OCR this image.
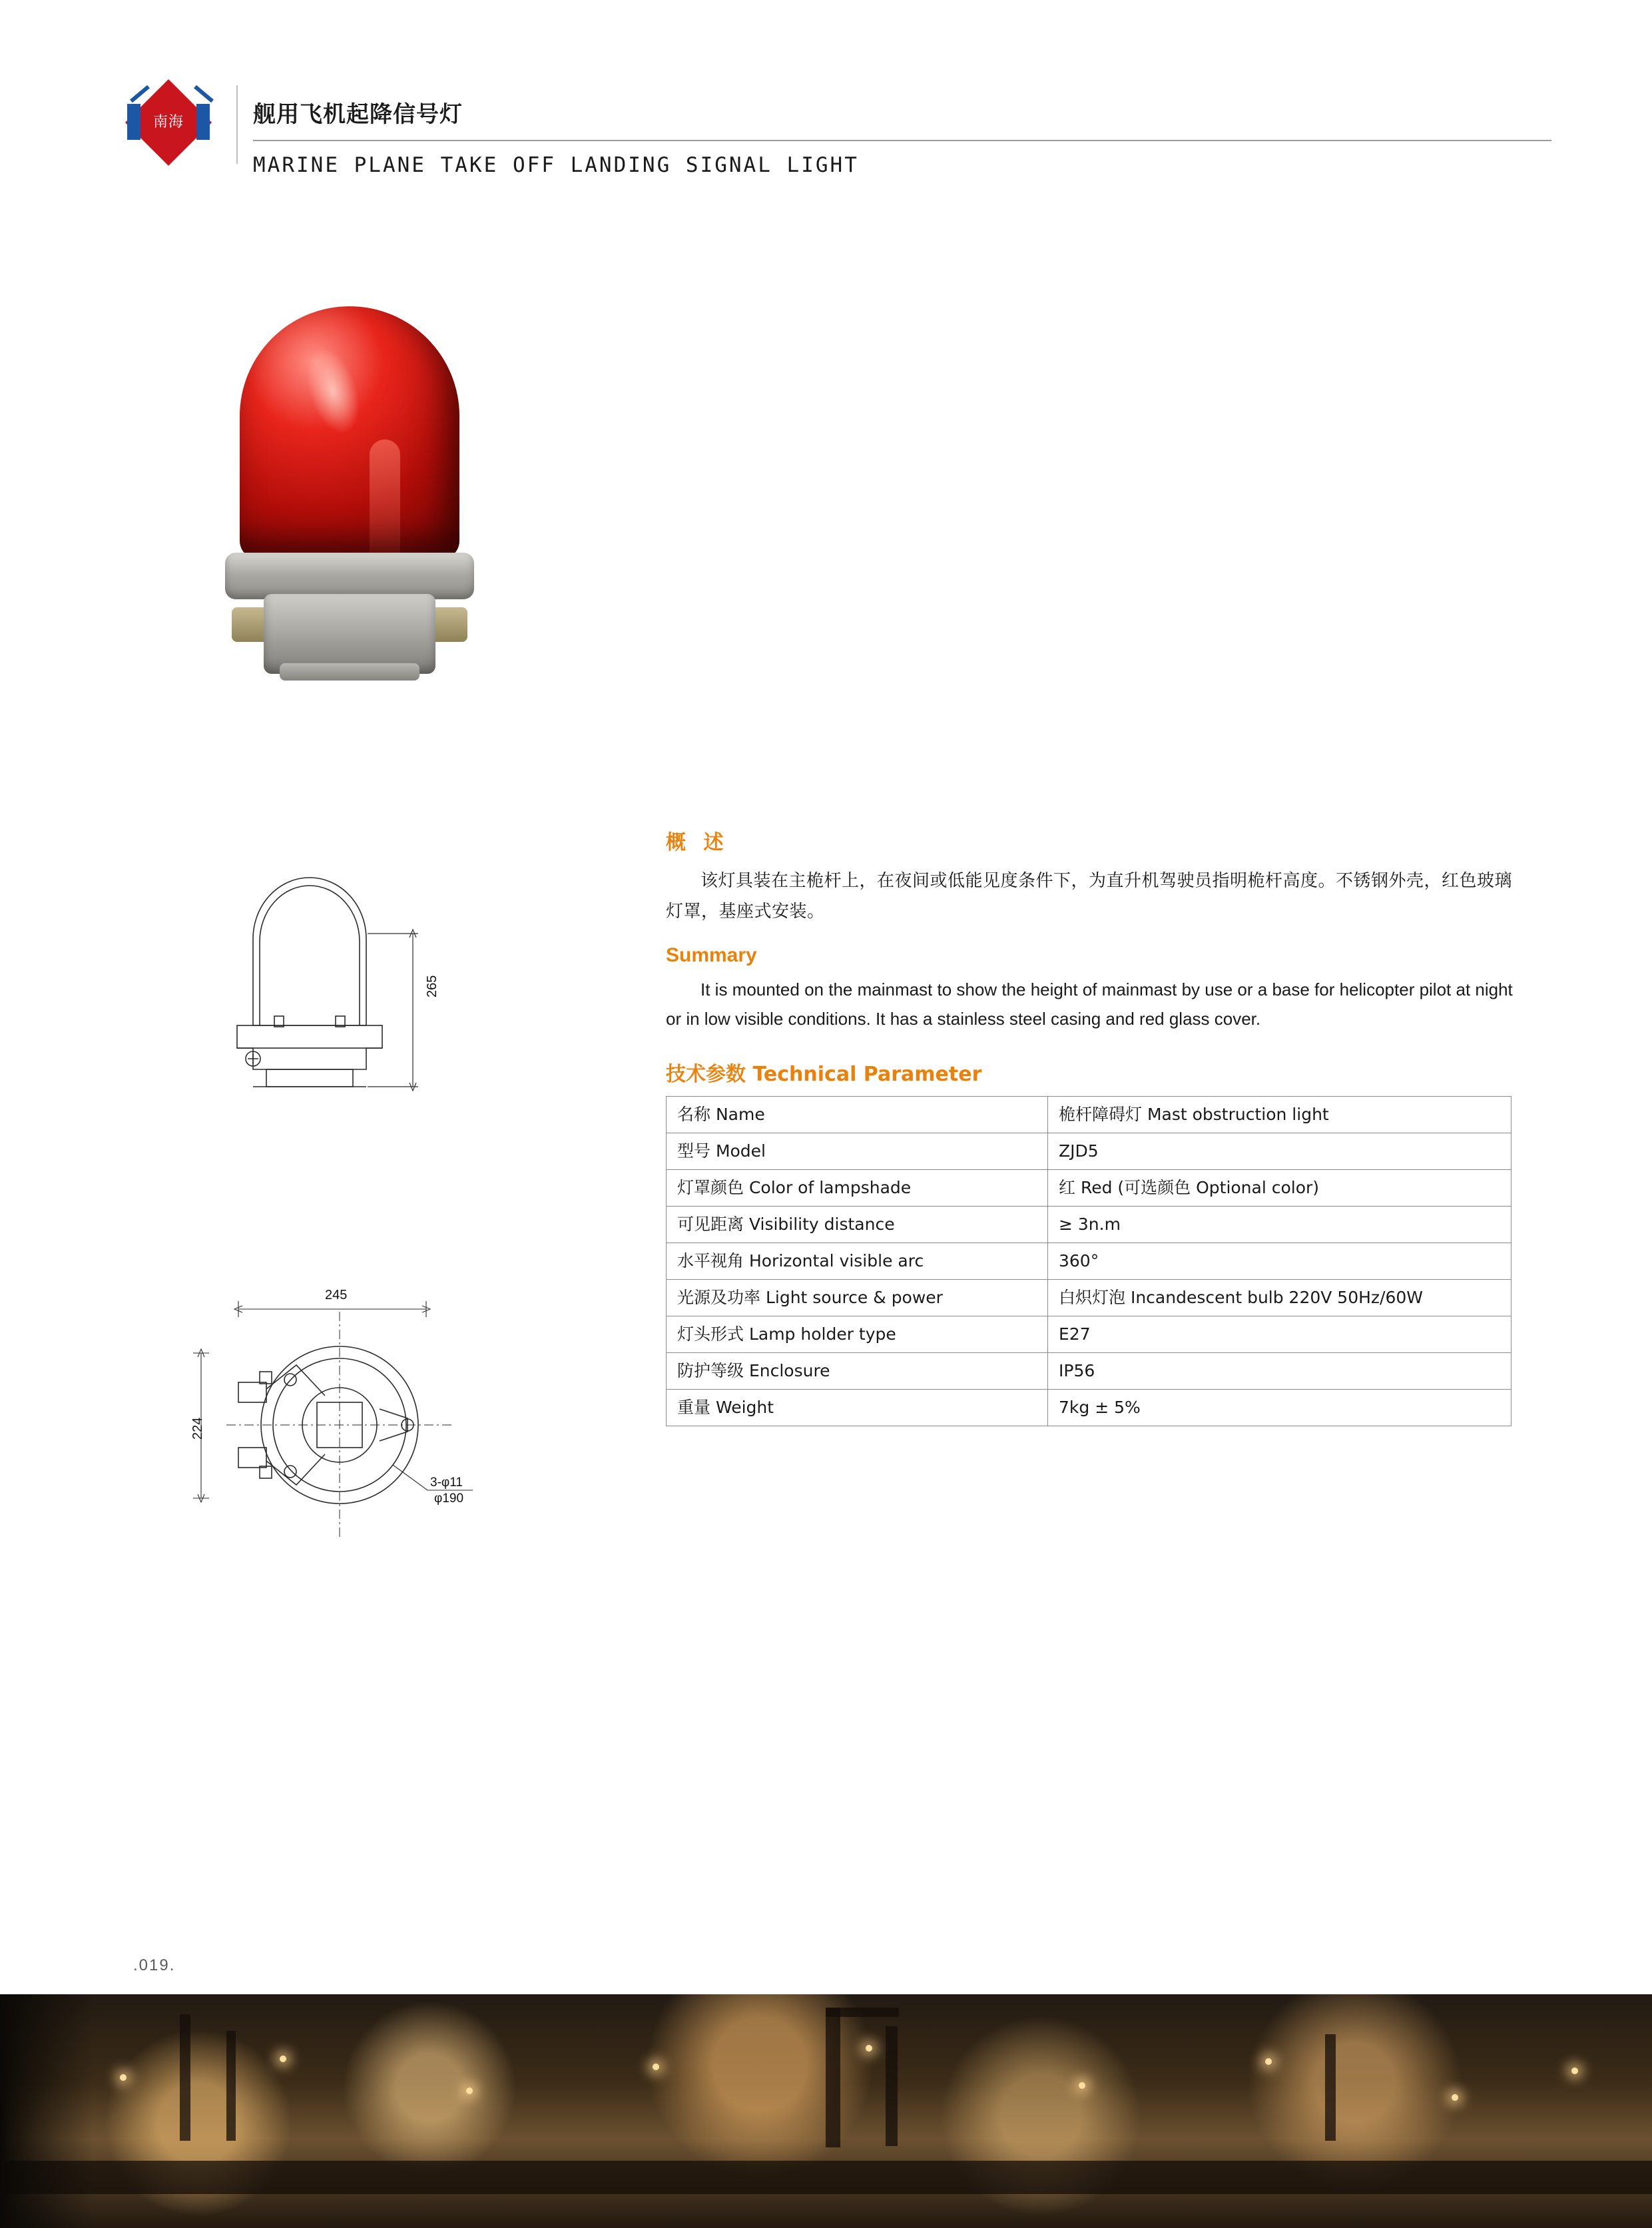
南海	舰用飞机起降信号灯
MARINE PLANE TAKE OFF LANDING SIGNAL LIGHT
265
245
224
3-φ11
φ190
概 述

该灯具装在主桅杆上，在夜间或低能见度条件下，为直升机驾驶员指明桅杆高度。不锈钢外壳，红色玻璃灯罩，基座式安装。

Summary

It is mounted on the mainmast to show the height of mainmast by use or a base for helicopter pilot at night or in low visible conditions. It has a stainless steel casing and red glass cover.

技术参数 Technical Parameter
名称 Name	桅杆障碍灯 Mast obstruction light
型号 Model	ZJD5
灯罩颜色 Color of lampshade	红 Red (可选颜色 Optional color)
可见距离 Visibility distance	≥ 3n.m
水平视角 Horizontal visible arc	360°
光源及功率 Light source & power	白炽灯泡 Incandescent bulb 220V 50Hz/60W
灯头形式 Lamp holder type	E27
防护等级 Enclosure	IP56
重量 Weight	7kg ± 5%
.019.
